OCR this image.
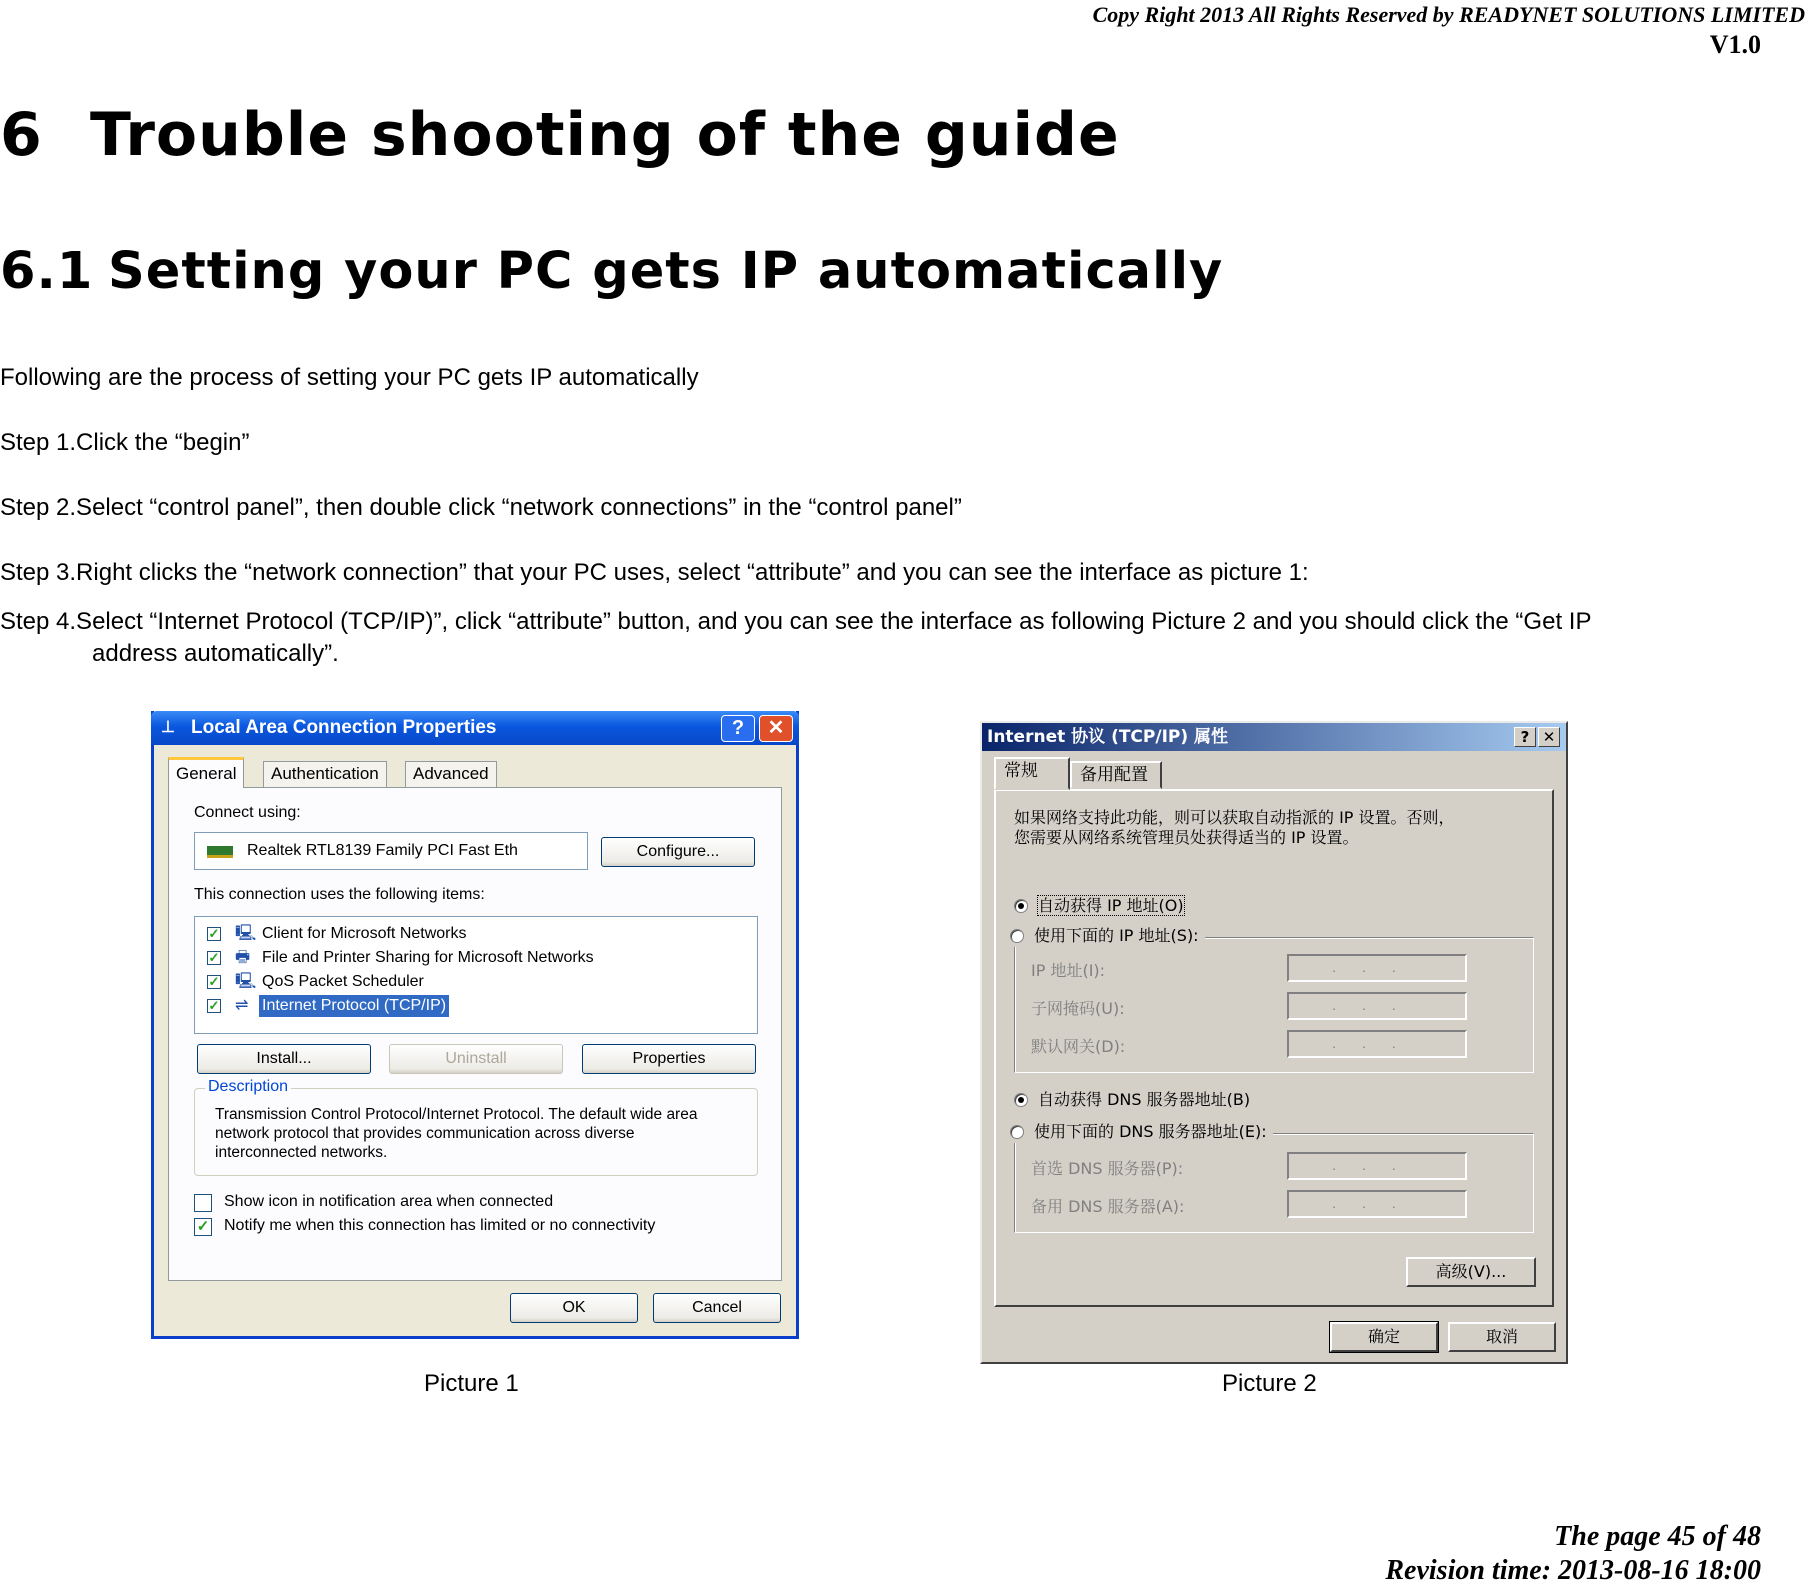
Copy Right 2013 All Rights Reserved by READYNET SOLUTIONS LIMITED
V1.0
6 Trouble shooting of the guide
6.1 Setting your PC gets IP automatically
Following are the process of setting your PC gets IP automatically
Step 1.Click the “begin”
Step 2.Select “control panel”, then double click “network connections” in the “control panel”
Step 3.Right clicks the “network connection” that your PC uses, select “attribute” and you can see the interface as picture 1:
Step 4.Select “Internet Protocol (TCP/IP)”, click “attribute” button, and you can see the interface as following Picture 2 and you should click the “Get IP
address automatically”.
⊥ Local Area Connection Properties	?	✕
General	Authentication	Advanced
Connect using:
Realtek RTL8139 Family PCI Fast Eth	Configure...
This connection uses the following items:
✓ 🖳 Client for Microsoft Networks
✓ 🖶 File and Printer Sharing for Microsoft Networks
✓ 🖳 QoS Packet Scheduler
✓ ⇌ Internet Protocol (TCP/IP)
Install...	Uninstall	Properties
Description
Transmission Control Protocol/Internet Protocol. The default wide area network protocol that provides communication across diverse interconnected networks.
Show icon in notification area when connected
✓ Notify me when this connection has limited or no connectivity
OK	Cancel
Picture 1
Internet 协议 (TCP/IP) 属性	? ✕
常规	备用配置
如果网络支持此功能，则可以获取自动指派的 IP 设置。否则，
您需要从网络系统管理员处获得适当的 IP 设置。
自动获得 IP 地址(O)
IP 地址(I):	...
子网掩码(U):	...
默认网关(D):	...
使用下面的 IP 地址(S):
自动获得 DNS 服务器地址(B)
首选 DNS 服务器(P):	...
备用 DNS 服务器(A):	...
使用下面的 DNS 服务器地址(E):
高级(V)...
确定	取消
Picture 2
The page 45 of 48
Revision time: 2013-08-16 18:00
